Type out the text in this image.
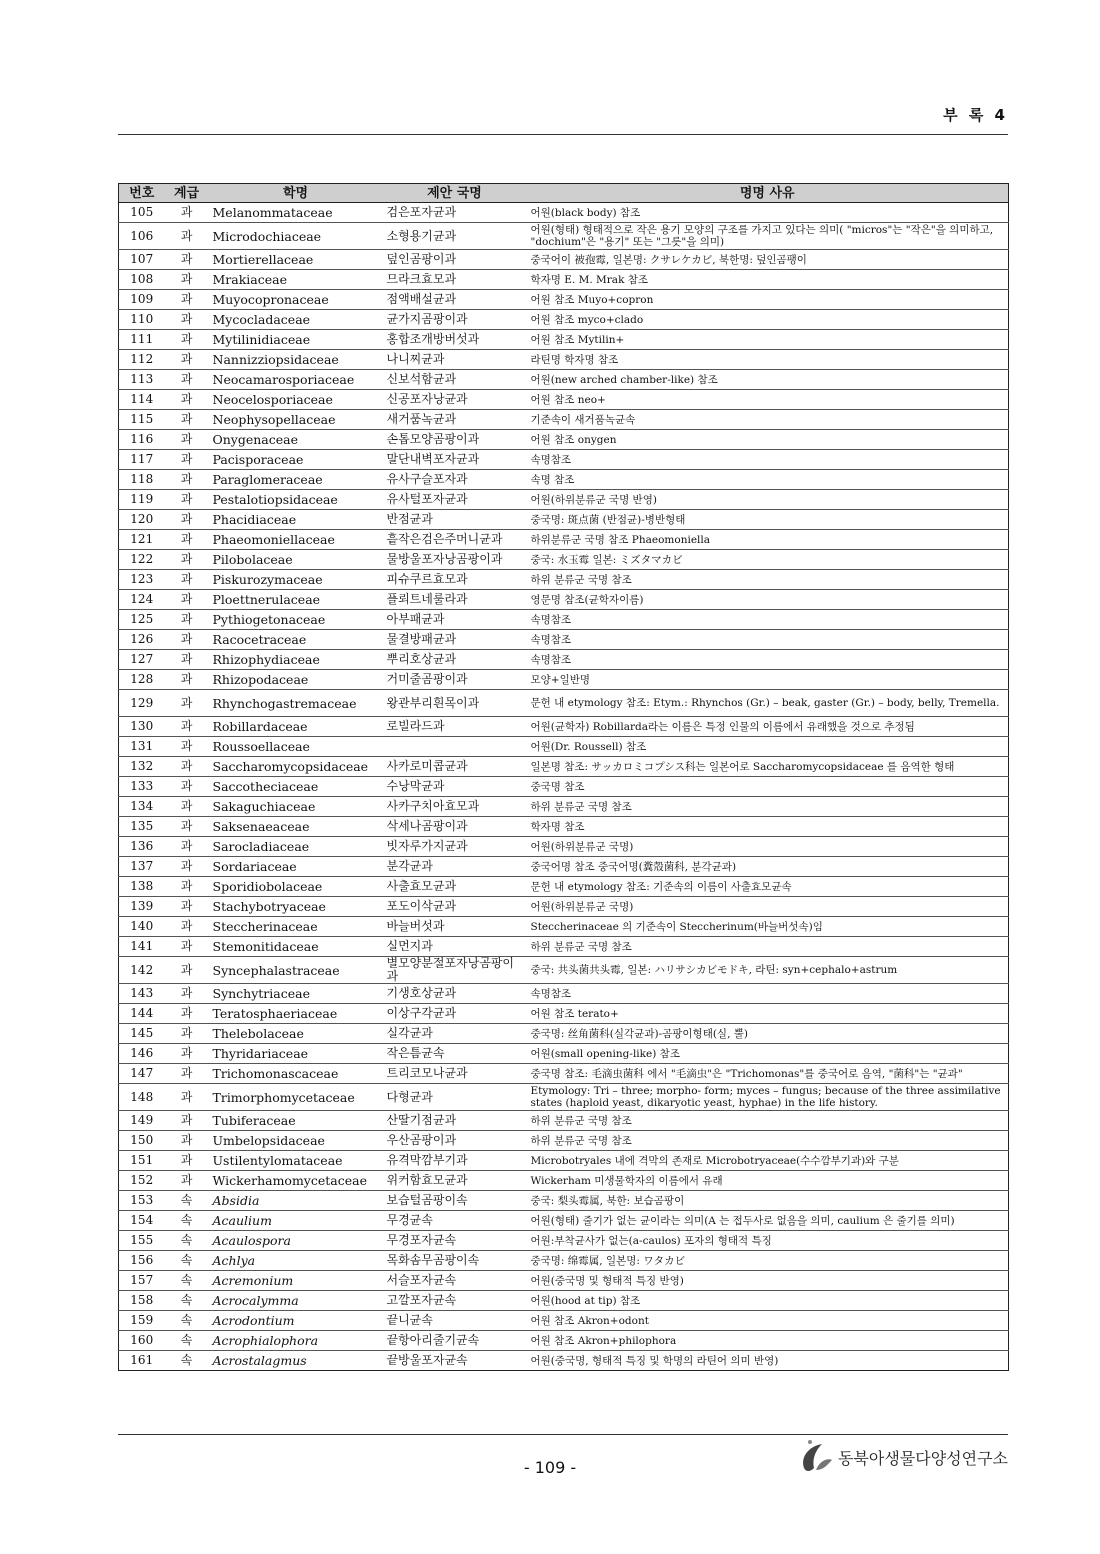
부 록 4
번호	계급	학명	제안 국명	명명 사유
105	과	Melanommataceae	검은포자균과	어원(black body) 참조
106	과	Microdochiaceae	소형용기균과	어원(형태) 형태적으로 작은 용기 모양의 구조를 가지고 있다는 의미( "micros"는 "작은"을 의미하고, "dochium"은 "용기" 또는 "그릇"을 의미)
107	과	Mortierellaceae	덮인곰팡이과	중국어이 被孢霉, 일본명: クサレケカビ, 북한명: 덮인곰팽이
108	과	Mrakiaceae	므라크효모과	학자명 E. M. Mrak 참조
109	과	Muyocopronaceae	점액배설균과	어원 참조 Muyo+copron
110	과	Mycocladaceae	균가지곰팡이과	어원 참조 myco+clado
111	과	Mytilinidiaceae	홍합조개방버섯과	어원 참조 Mytilin+
112	과	Nannizziopsidaceae	나니찌균과	라틴명 학자명 참조
113	과	Neocamarosporiaceae	신보석함균과	어원(new arched chamber-like) 참조
114	과	Neocelosporiaceae	신공포자낭균과	어원 참조 neo+
115	과	Neophysopellaceae	새거품녹균과	기준속이 새거품녹균속
116	과	Onygenaceae	손톱모양곰팡이과	어원 참조 onygen
117	과	Pacisporaceae	말단내벽포자균과	속명참조
118	과	Paraglomeraceae	유사구슬포자과	속명 참조
119	과	Pestalotiopsidaceae	유사털포자균과	어원(하위분류군 국명 반영)
120	과	Phacidiaceae	반점균과	중국명: 斑点菌 (반점균)-병반형태
121	과	Phaeomoniellaceae	흩작은검은주머니균과	하위분류군 국명 참조 Phaeomoniella
122	과	Pilobolaceae	물방울포자낭곰팡이과	중국: 水玉霉 일본: ミズタマカビ
123	과	Piskurozymaceae	피슈쿠르효모과	하위 분류군 국명 참조
124	과	Ploettnerulaceae	플뢰트네룰라과	영문명 참조(균학자이름)
125	과	Pythiogetonaceae	아부패균과	속명참조
126	과	Racocetraceae	물결방패균과	속명참조
127	과	Rhizophydiaceae	뿌리호상균과	속명참조
128	과	Rhizopodaceae	거미줄곰팡이과	모양+일반명
129	과	Rhynchogastremaceae	왕관부리흰목이과	문헌 내 etymology 참조: Etym.: Rhynchos (Gr.) – beak, gaster (Gr.) – body, belly, Tremella.
130	과	Robillardaceae	로빌라드과	어원(균학자) Robillarda라는 이름은 특정 인물의 이름에서 유래했을 것으로 추정됨
131	과	Roussoellaceae		어원(Dr. Roussell) 참조
132	과	Saccharomycopsidaceae	사카로미콥균과	일본명 참조: サッカロミコプシス科는 일본어로 Saccharomycopsidaceae 를 음역한 형태
133	과	Saccotheciaceae	수낭막균과	중국명 참조
134	과	Sakaguchiaceae	사카구치아효모과	하위 분류군 국명 참조
135	과	Saksenaeaceae	삭세나곰팡이과	학자명 참조
136	과	Sarocladiaceae	빗자루가지균과	어원(하위분류군 국명)
137	과	Sordariaceae	분각균과	중국어명 참조 중국어명(糞殼菌科, 분각균과)
138	과	Sporidiobolaceae	사출효모균과	문헌 내 etymology 참조: 기준속의 이름이 사출효모균속
139	과	Stachybotryaceae	포도이삭균과	어원(하위분류군 국명)
140	과	Steccherinaceae	바늘버섯과	Steccherinaceae 의 기준속이 Steccherinum(바늘버섯속)임
141	과	Stemonitidaceae	실먼지과	하위 분류군 국명 참조
142	과	Syncephalastraceae	별모양분절포자낭곰팡이과	중국: 共头菌共头霉, 일본: ハリサシカビモドキ, 라틴: syn+cephalo+astrum
143	과	Synchytriaceae	기생호상균과	속명참조
144	과	Teratosphaeriaceae	이상구각균과	어원 참조 terato+
145	과	Thelebolaceae	실각균과	중국명: 丝角菌科(실각균과)-곰팡이형태(실, 뿔)
146	과	Thyridariaceae	작은틈균속	어원(small opening-like) 참조
147	과	Trichomonascaceae	트리코모나균과	중국명 참조: 毛滴虫菌科 에서 "毛滴虫"은 "Trichomonas"를 중국어로 음역, "菌科"는 "균과"
148	과	Trimorphomycetaceae	다형균과	Etymology: Tri – three; morpho- form; myces – fungus; because of the three assimilative states (haploid yeast, dikaryotic yeast, hyphae) in the life history.
149	과	Tubiferaceae	산딸기점균과	하위 분류군 국명 참조
150	과	Umbelopsidaceae	우산곰팡이과	하위 분류군 국명 참조
151	과	Ustilentylomataceae	유격막깜부기과	Microbotryales 내에 격막의 존재로 Microbotryaceae(수수깜부기과)와 구분
152	과	Wickerhamomycetaceae	위커함효모균과	Wickerham 미생물학자의 이름에서 유래
153	속	Absidia	보습털곰팡이속	중국: 梨头霉属, 북한: 보습곰팡이
154	속	Acaulium	무경균속	어원(형태) 줄기가 없는 균이라는 의미(A 는 접두사로 없음을 의미, caulium 은 줄기를 의미)
155	속	Acaulospora	무경포자균속	어원:부착균사가 없는(a-caulos) 포자의 형태적 특징
156	속	Achlya	목화솜무곰팡이속	중국명: 绵霉属, 일본명: ワタカビ
157	속	Acremonium	서슬포자균속	어원(중국명 및 형태적 특징 반영)
158	속	Acrocalymma	고깔포자균속	어원(hood at tip) 참조
159	속	Acrodontium	끝니균속	어원 참조 Akron+odont
160	속	Acrophialophora	끝항아리줄기균속	어원 참조 Akron+philophora
161	속	Acrostalagmus	끝방울포자균속	어원(중국명, 형태적 특징 및 학명의 라틴어 의미 반영)
- 109 -	동북아생물다양성연구소
